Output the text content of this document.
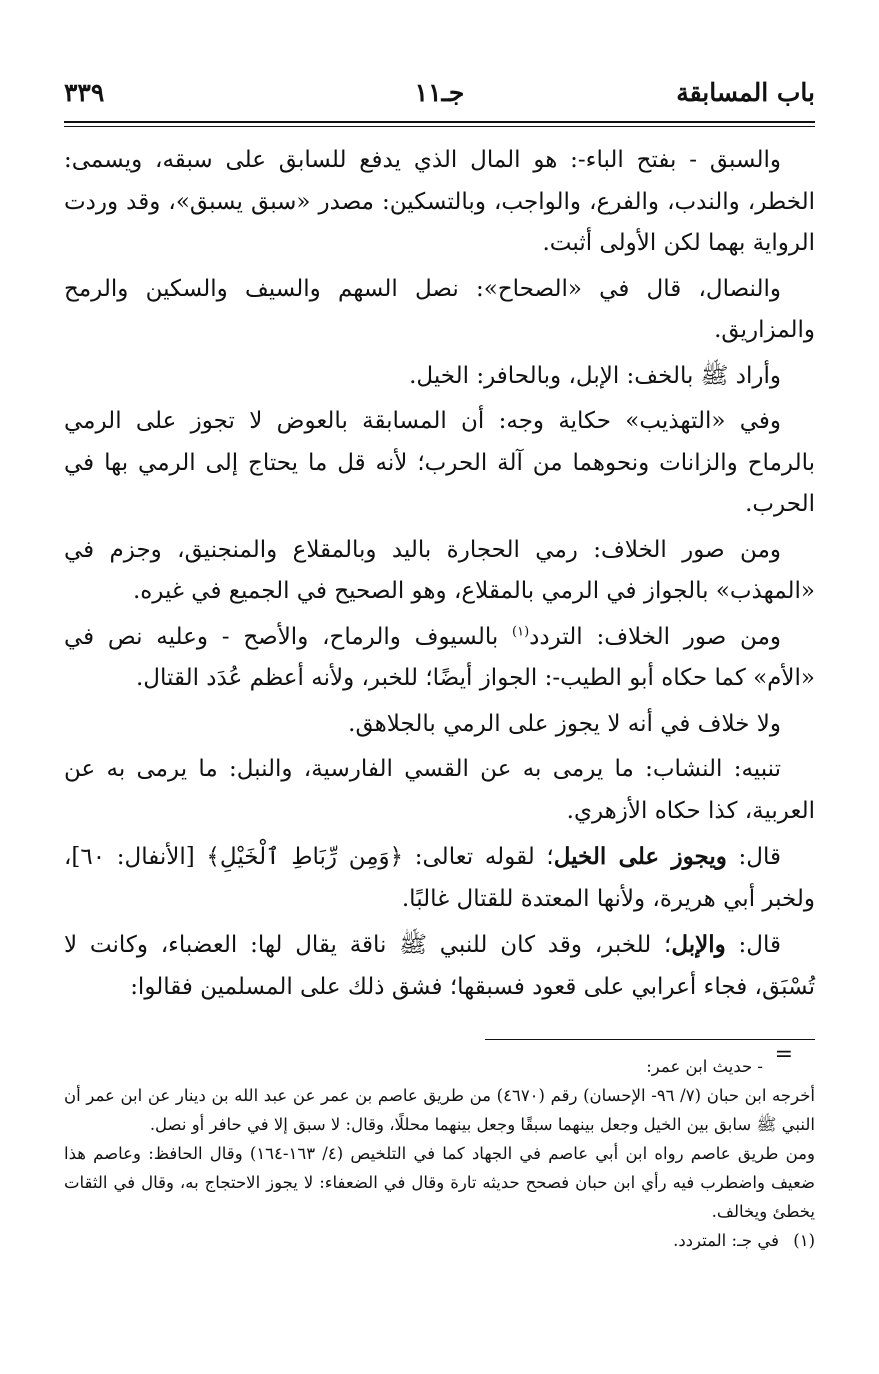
باب المسابقة
جـ١١
٣٣٩

والسبق - بفتح الباء-: هو المال الذي يدفع للسابق على سبقه، ويسمى: الخطر، والندب، والفرع، والواجب، وبالتسكين: مصدر «سبق يسبق»، وقد وردت الرواية بهما لكن الأولى أثبت.

والنصال، قال في «الصحاح»: نصل السهم والسيف والسكين والرمح والمزاريق.

وأراد ﷺ بالخف: الإبل، وبالحافر: الخيل.

وفي «التهذيب» حكاية وجه: أن المسابقة بالعوض لا تجوز على الرمي بالرماح والزانات ونحوهما من آلة الحرب؛ لأنه قل ما يحتاج إلى الرمي بها في الحرب.

ومن صور الخلاف: رمي الحجارة باليد وبالمقلاع والمنجنيق، وجزم في «المهذب» بالجواز في الرمي بالمقلاع، وهو الصحيح في الجميع في غيره.

ومن صور الخلاف: التردد$^{(١)}$ بالسيوف والرماح، والأصح - وعليه نص في «الأم» كما حكاه أبو الطيب-: الجواز أيضًا؛ للخبر، ولأنه أعظم عُدَد القتال.

ولا خلاف في أنه لا يجوز على الرمي بالجلاهق.

تنبيه: النشاب: ما يرمى به عن القسي الفارسية، والنبل: ما يرمى به عن العربية، كذا حكاه الأزهري.

قال: ويجوز على الخيل؛ لقوله تعالى: ﴿وَمِن رِّبَاطِ ٱلْخَيْلِ﴾ [الأنفال: ٦٠]، ولخبر أبي هريرة، ولأنها المعتدة للقتال غالبًا.

قال: والإبل؛ للخبر، وقد كان للنبي ﷺ ناقة يقال لها: العضباء، وكانت لا تُسْبَق، فجاء أعرابي على قعود فسبقها؛ فشق ذلك على المسلمين فقالوا:

=

- حديث ابن عمر:

أخرجه ابن حبان (٧/ ٩٦- الإحسان) رقم (٤٦٧٠) من طريق عاصم بن عمر عن عبد الله بن دينار عن ابن عمر أن النبي ﷺ سابق بين الخيل وجعل بينهما سبقًا وجعل بينهما محللًا، وقال: لا سبق إلا في حافر أو نصل.

ومن طريق عاصم رواه ابن أبي عاصم في الجهاد كما في التلخيص (٤/ ١٦٣-١٦٤) وقال الحافظ: وعاصم هذا ضعيف واضطرب فيه رأي ابن حبان فصحح حديثه تارة وقال في الضعفاء: لا يجوز الاحتجاج به، وقال في الثقات يخطئ ويخالف.

(١)في جـ: المتردد.
